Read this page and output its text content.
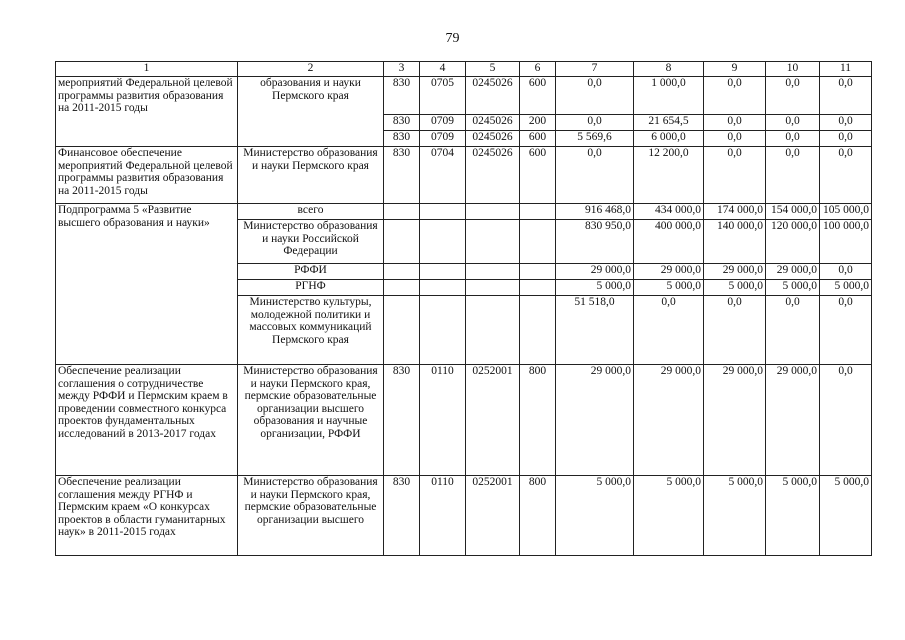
79
1	2	3	4	5	6	7	8	9	10	11
мероприятий Федеральной целевой программы развития образования на 2011-2015 годы	образования и науки Пермского края	830	0705	0245026	600	0,0	1 000,0	0,0	0,0	0,0
		830	0709	0245026	200	0,0	21 654,5	0,0	0,0	0,0
		830	0709	0245026	600	5 569,6	6 000,0	0,0	0,0	0,0
Финансовое обеспечение мероприятий Федеральной целевой программы развития образования на 2011-2015 годы	Министерство образования и науки Пермского края	830	0704	0245026	600	0,0	12 200,0	0,0	0,0	0,0
Подпрограмма 5 «Развитие высшего образования и науки»	всего					916 468,0	434 000,0	174 000,0	154 000,0	105 000,0
	Министерство образования и науки Российской Федерации					830 950,0	400 000,0	140 000,0	120 000,0	100 000,0
	РФФИ					29 000,0	29 000,0	29 000,0	29 000,0	0,0
	РГНФ					5 000,0	5 000,0	5 000,0	5 000,0	5 000,0
	Министерство культуры, молодежной политики и массовых коммуникаций Пермского края					51 518,0	0,0	0,0	0,0	0,0
Обеспечение реализации соглашения о сотрудничестве между РФФИ и Пермским краем в проведении совместного конкурса проектов фундаментальных исследований в 2013-2017 годах	Министерство образования и науки Пермского края, пермские образовательные организации высшего образования и научные организации, РФФИ	830	0110	0252001	800	29 000,0	29 000,0	29 000,0	29 000,0	0,0
Обеспечение реализации соглашения между РГНФ и Пермским краем «О конкурсах проектов в области гуманитарных наук» в 2011-2015 годах	Министерство образования и науки Пермского края, пермские образовательные организации высшего	830	0110	0252001	800	5 000,0	5 000,0	5 000,0	5 000,0	5 000,0
